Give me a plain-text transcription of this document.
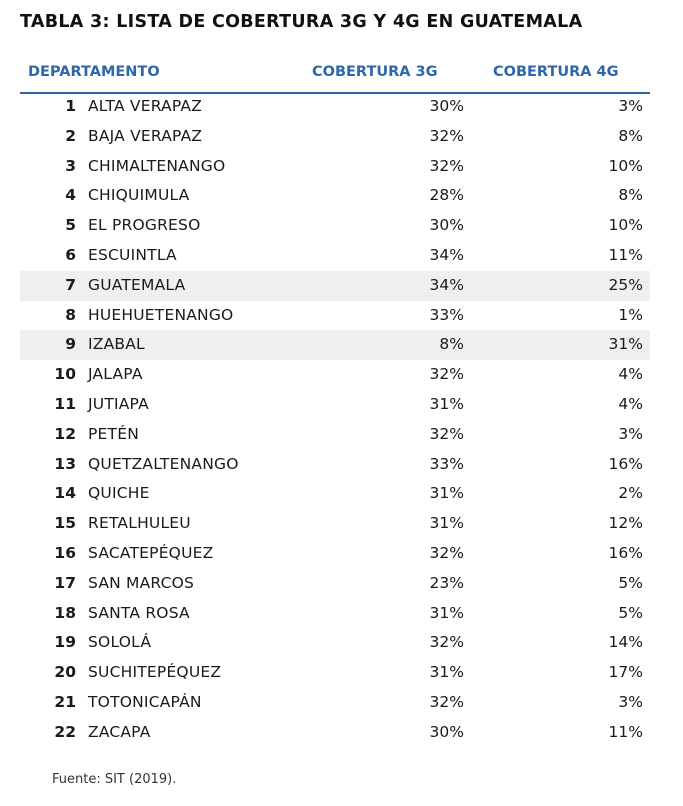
TABLA 3: LISTA DE COBERTURA 3G Y 4G EN GUATEMALA
DEPARTAMENTO	COBERTURA 3G	COBERTURA 4G
1 ALTA VERAPAZ	30%	3%
2 BAJA VERAPAZ	32%	8%
3 CHIMALTENANGO	32%	10%
4 CHIQUIMULA	28%	8%
5 EL PROGRESO	30%	10%
6 ESCUINTLA	34%	11%
7 GUATEMALA	34%	25%
8 HUEHUETENANGO	33%	1%
9 IZABAL	8%	31%
10 JALAPA	32%	4%
11 JUTIAPA	31%	4%
12 PETÉN	32%	3%
13 QUETZALTENANGO	33%	16%
14 QUICHE	31%	2%
15 RETALHULEU	31%	12%
16 SACATEPÉQUEZ	32%	16%
17 SAN MARCOS	23%	5%
18 SANTA ROSA	31%	5%
19 SOLOLÁ	32%	14%
20 SUCHITEPÉQUEZ	31%	17%
21 TOTONICAPÁN	32%	3%
22 ZACAPA	30%	11%
Fuente: SIT (2019).
